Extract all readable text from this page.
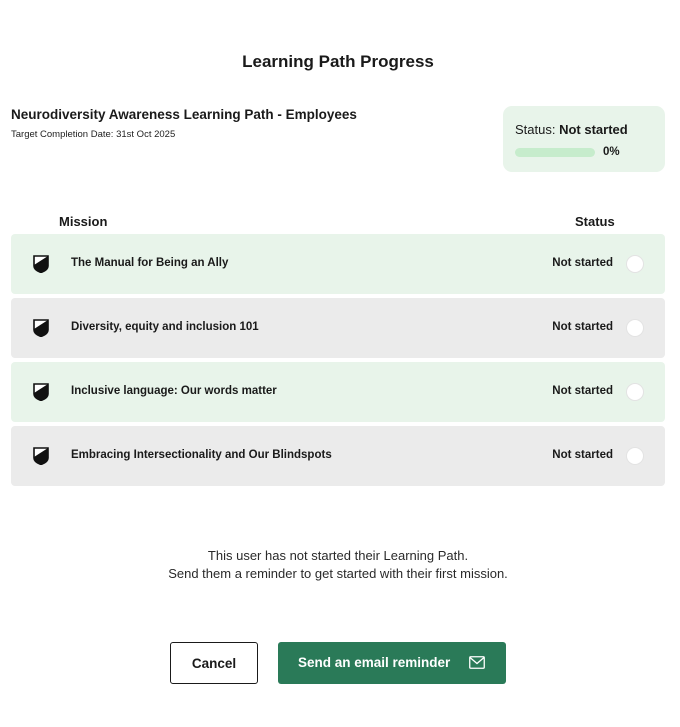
Learning Path Progress
Neurodiversity Awareness Learning Path - Employees
Target Completion Date: 31st Oct 2025	Status: Not started
0%
Mission	Status
The Manual for Being an Ally	Not started
Diversity, equity and inclusion 101	Not started
Inclusive language: Our words matter	Not started
Embracing Intersectionality and Our Blindspots	Not started
This user has not started their Learning Path.
Send them a reminder to get started with their first mission.
Cancel	Send an email reminder
